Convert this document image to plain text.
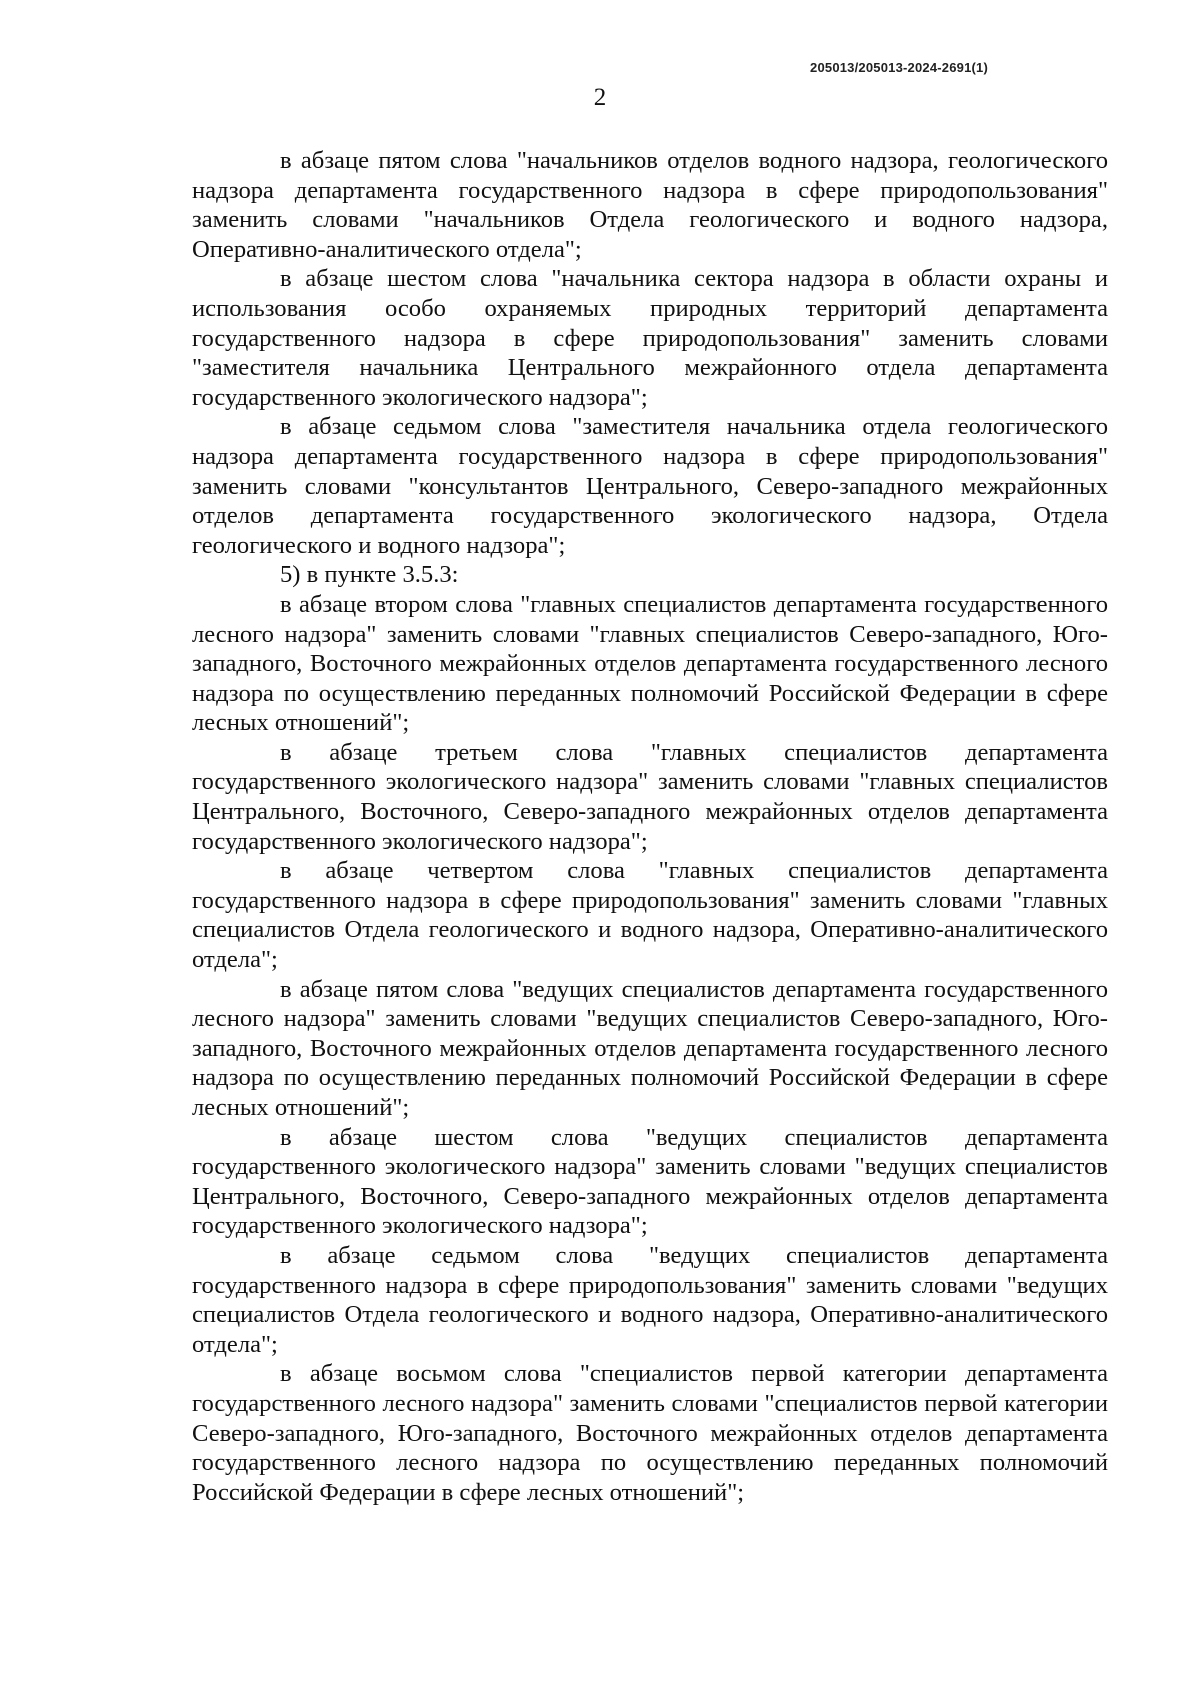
205013/205013-2024-2691(1)
2

в абзаце пятом слова "начальников отделов водного надзора, геологического надзора департамента государственного надзора в сфере природопользования" заменить словами "начальников Отдела геологического и водного надзора, Оперативно-аналитического отдела";

в абзаце шестом слова "начальника сектора надзора в области охраны и использования особо охраняемых природных территорий департамента государственного надзора в сфере природопользования" заменить словами "заместителя начальника Центрального межрайонного отдела департамента государственного экологического надзора";

в абзаце седьмом слова "заместителя начальника отдела геологического надзора департамента государственного надзора в сфере природопользования" заменить словами "консультантов Центрального, Северо-западного межрайонных отделов департамента государственного экологического надзора, Отдела геологического и водного надзора";

5) в пункте 3.5.3:

в абзаце втором слова "главных специалистов департамента государственного лесного надзора" заменить словами "главных специалистов Северо-западного, Юго-западного, Восточного межрайонных отделов департамента государственного лесного надзора по осуществлению переданных полномочий Российской Федерации в сфере лесных отношений";

в абзаце третьем слова "главных специалистов департамента государственного экологического надзора" заменить словами "главных специалистов Центрального, Восточного, Северо-западного межрайонных отделов департамента государственного экологического надзора";

в абзаце четвертом слова "главных специалистов департамента государственного надзора в сфере природопользования" заменить словами "главных специалистов Отдела геологического и водного надзора, Оперативно-аналитического отдела";

в абзаце пятом слова "ведущих специалистов департамента государственного лесного надзора" заменить словами "ведущих специалистов Северо-западного, Юго-западного, Восточного межрайонных отделов департамента государственного лесного надзора по осуществлению переданных полномочий Российской Федерации в сфере лесных отношений";

в абзаце шестом слова "ведущих специалистов департамента государственного экологического надзора" заменить словами "ведущих специалистов Центрального, Восточного, Северо-западного межрайонных отделов департамента государственного экологического надзора";

в абзаце седьмом слова "ведущих специалистов департамента государственного надзора в сфере природопользования" заменить словами "ведущих специалистов Отдела геологического и водного надзора, Оперативно-аналитического отдела";

в абзаце восьмом слова "специалистов первой категории департамента государственного лесного надзора" заменить словами "специалистов первой категории Северо-западного, Юго-западного, Восточного межрайонных отделов департамента государственного лесного надзора по осуществлению переданных полномочий Российской Федерации в сфере лесных отношений";
